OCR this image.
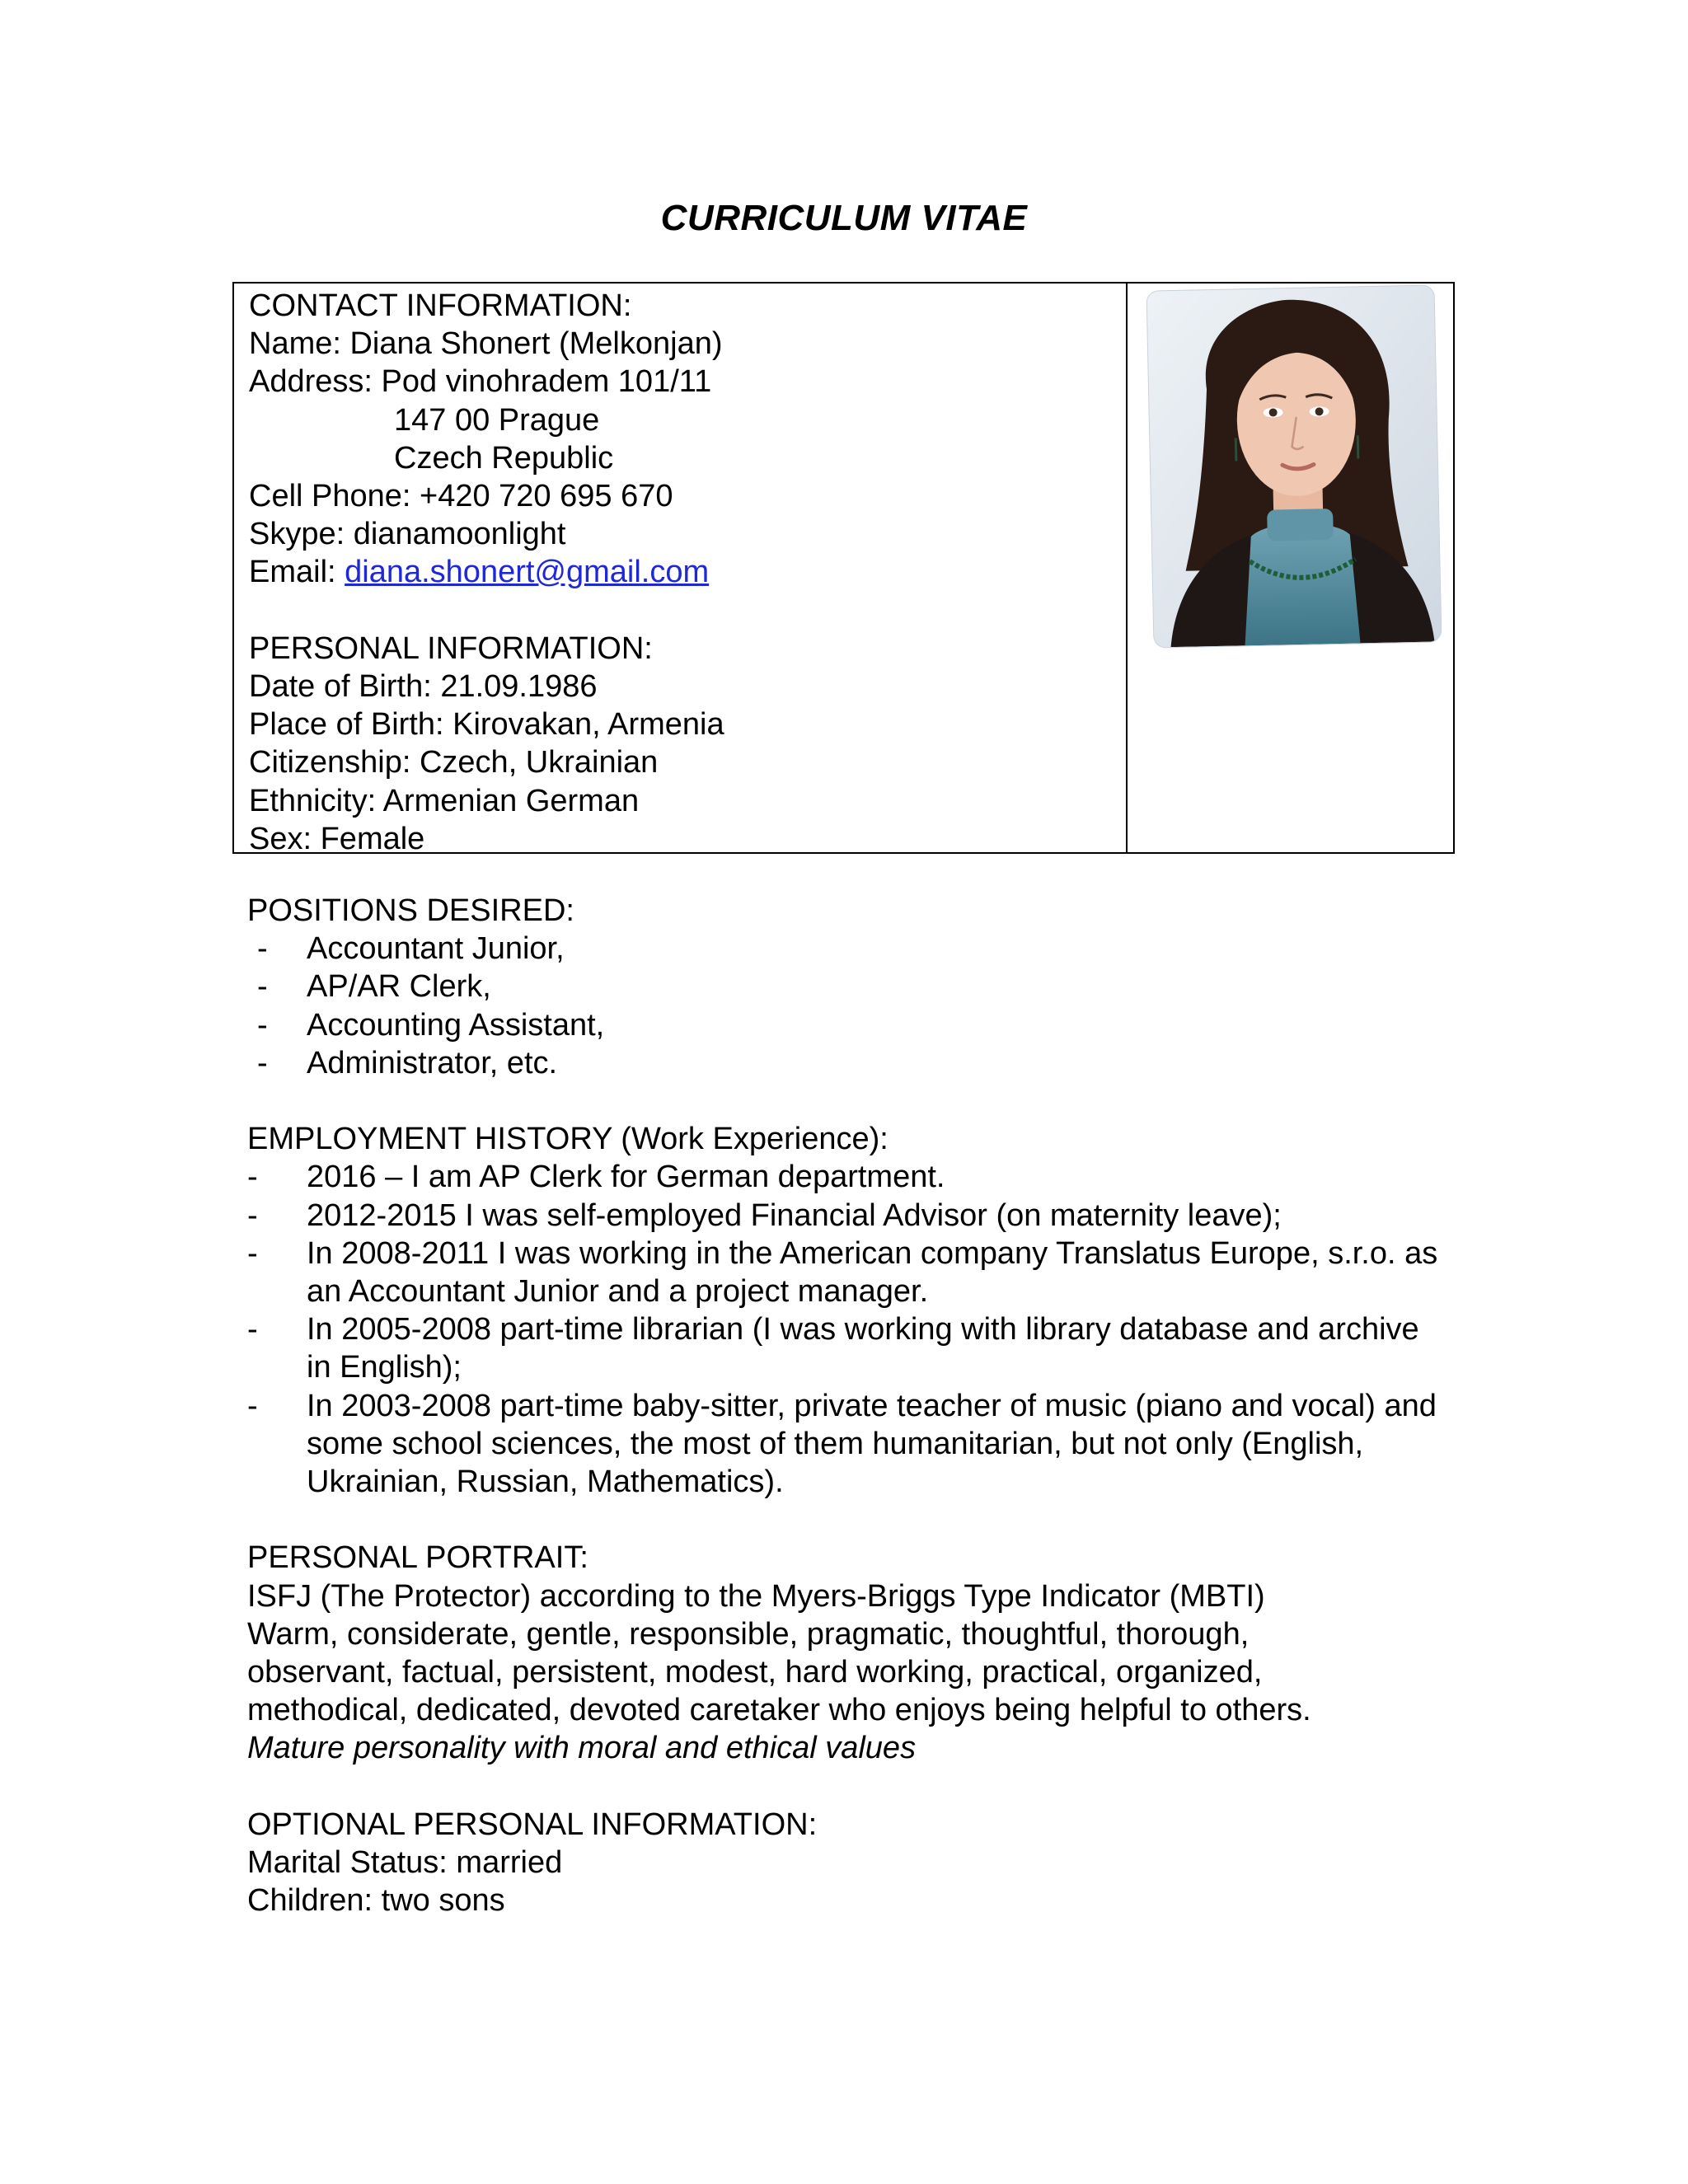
CURRICULUM VITAE
CONTACT INFORMATION:
Name: Diana Shonert (Melkonjan)
Address: Pod vinohradem 101/11
147 00 Prague
Czech Republic
Cell Phone: +420 720 695 670
Skype: dianamoonlight
Email: diana.shonert@gmail.com
PERSONAL INFORMATION:
Date of Birth: 21.09.1986
Place of Birth: Kirovakan, Armenia
Citizenship: Czech, Ukrainian
Ethnicity: Armenian German
Sex: Female
POSITIONS DESIRED:
-	Accountant Junior,
-	AP/AR Clerk,
-	Accounting Assistant,
-	Administrator, etc.
EMPLOYMENT HISTORY (Work Experience):
-	2016 – I am AP Clerk for German department.
-	2012-2015 I was self-employed Financial Advisor (on maternity leave);
-	In 2008-2011 I was working in the American company Translatus Europe, s.r.o. as an Accountant Junior and a project manager.
-	In 2005-2008 part-time librarian (I was working with library database and archive in English);
-	In 2003-2008 part-time baby-sitter, private teacher of music (piano and vocal) and some school sciences, the most of them humanitarian, but not only (English, Ukrainian, Russian, Mathematics).
PERSONAL PORTRAIT:
ISFJ (The Protector) according to the Myers-Briggs Type Indicator (MBTI)
Warm, considerate, gentle, responsible, pragmatic, thoughtful, thorough,
observant, factual, persistent, modest, hard working, practical, organized,
methodical, dedicated, devoted caretaker who enjoys being helpful to others.
Mature personality with moral and ethical values
OPTIONAL PERSONAL INFORMATION:
Marital Status: married
Children: two sons
